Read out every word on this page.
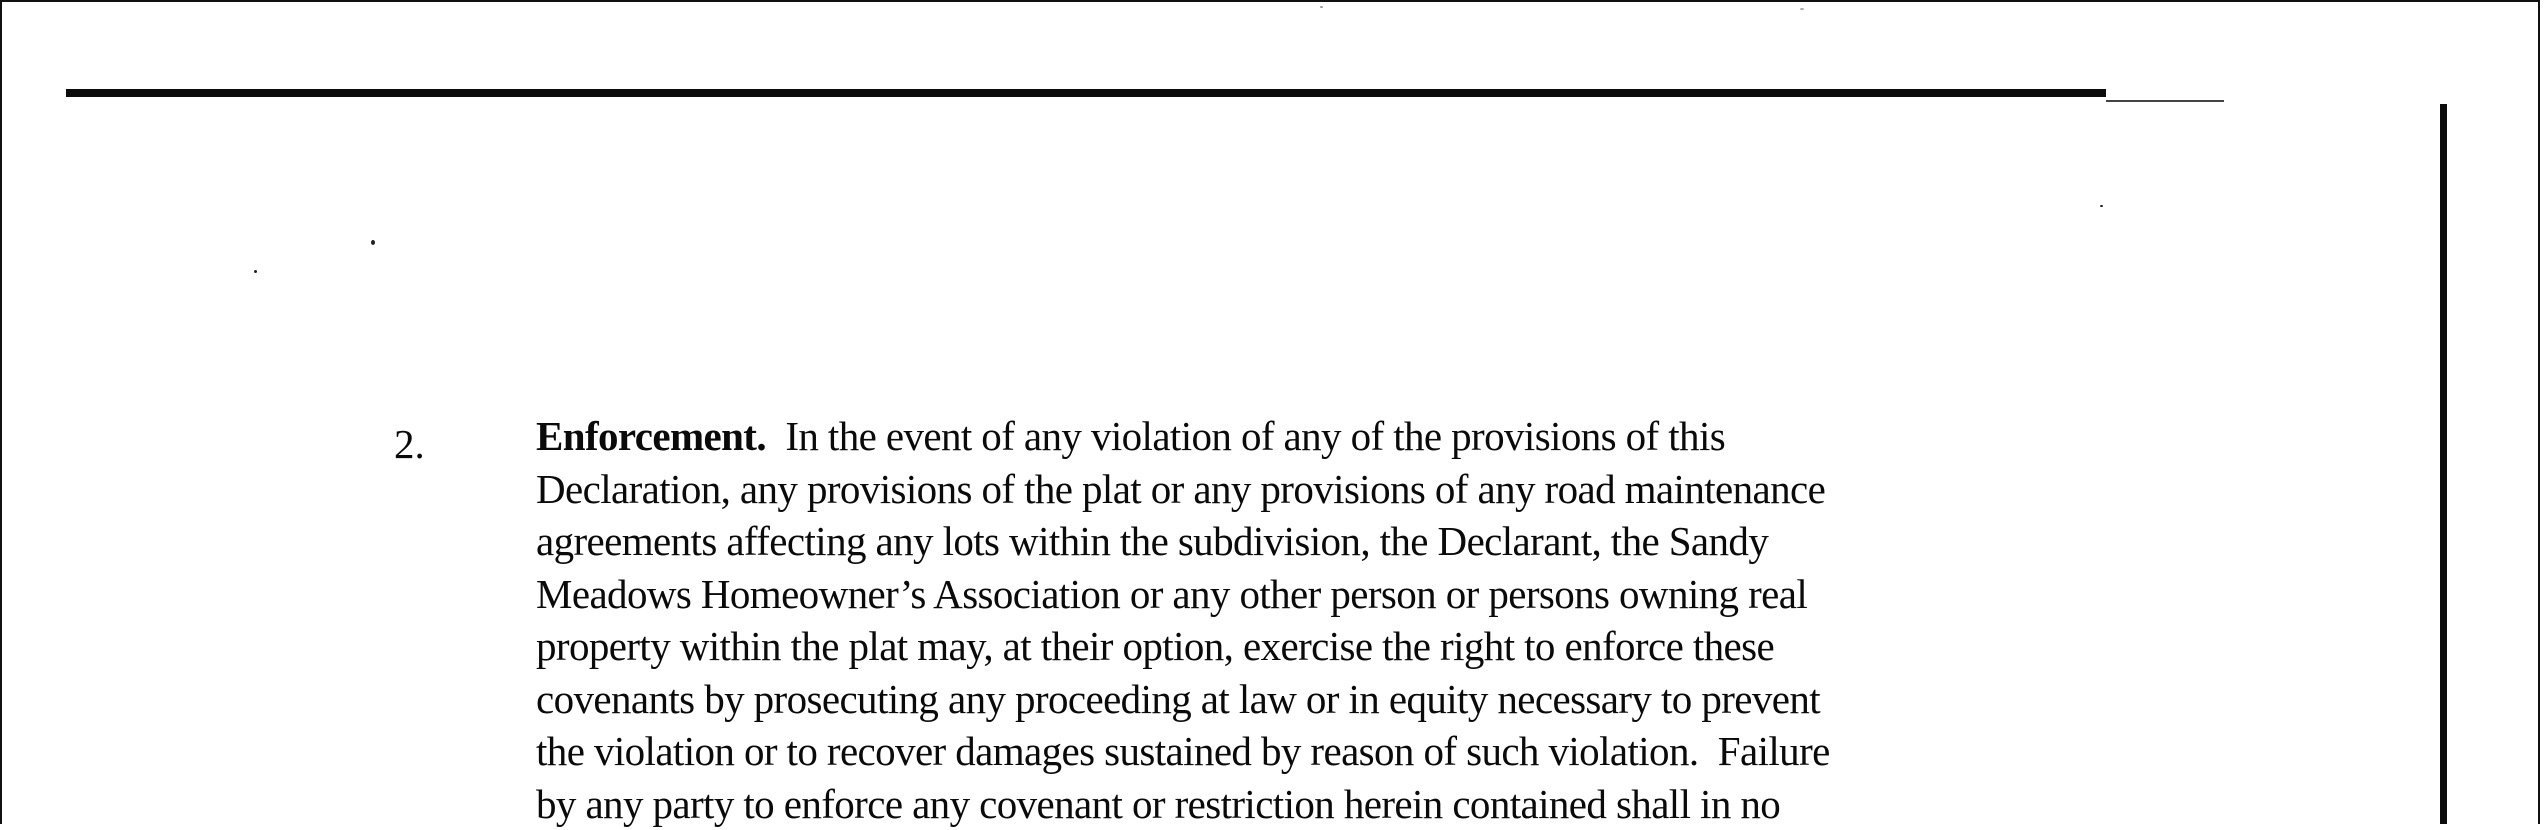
2.	Enforcement.  In the event of any violation of any of the provisions of this
Declaration, any provisions of the plat or any provisions of any road maintenance
agreements affecting any lots within the subdivision, the Declarant, the Sandy
Meadows Homeowner’s Association or any other person or persons owning real
property within the plat may, at their option, exercise the right to enforce these
covenants by prosecuting any proceeding at law or in equity necessary to prevent
the violation or to recover damages sustained by reason of such violation.  Failure
by any party to enforce any covenant or restriction herein contained shall in no
